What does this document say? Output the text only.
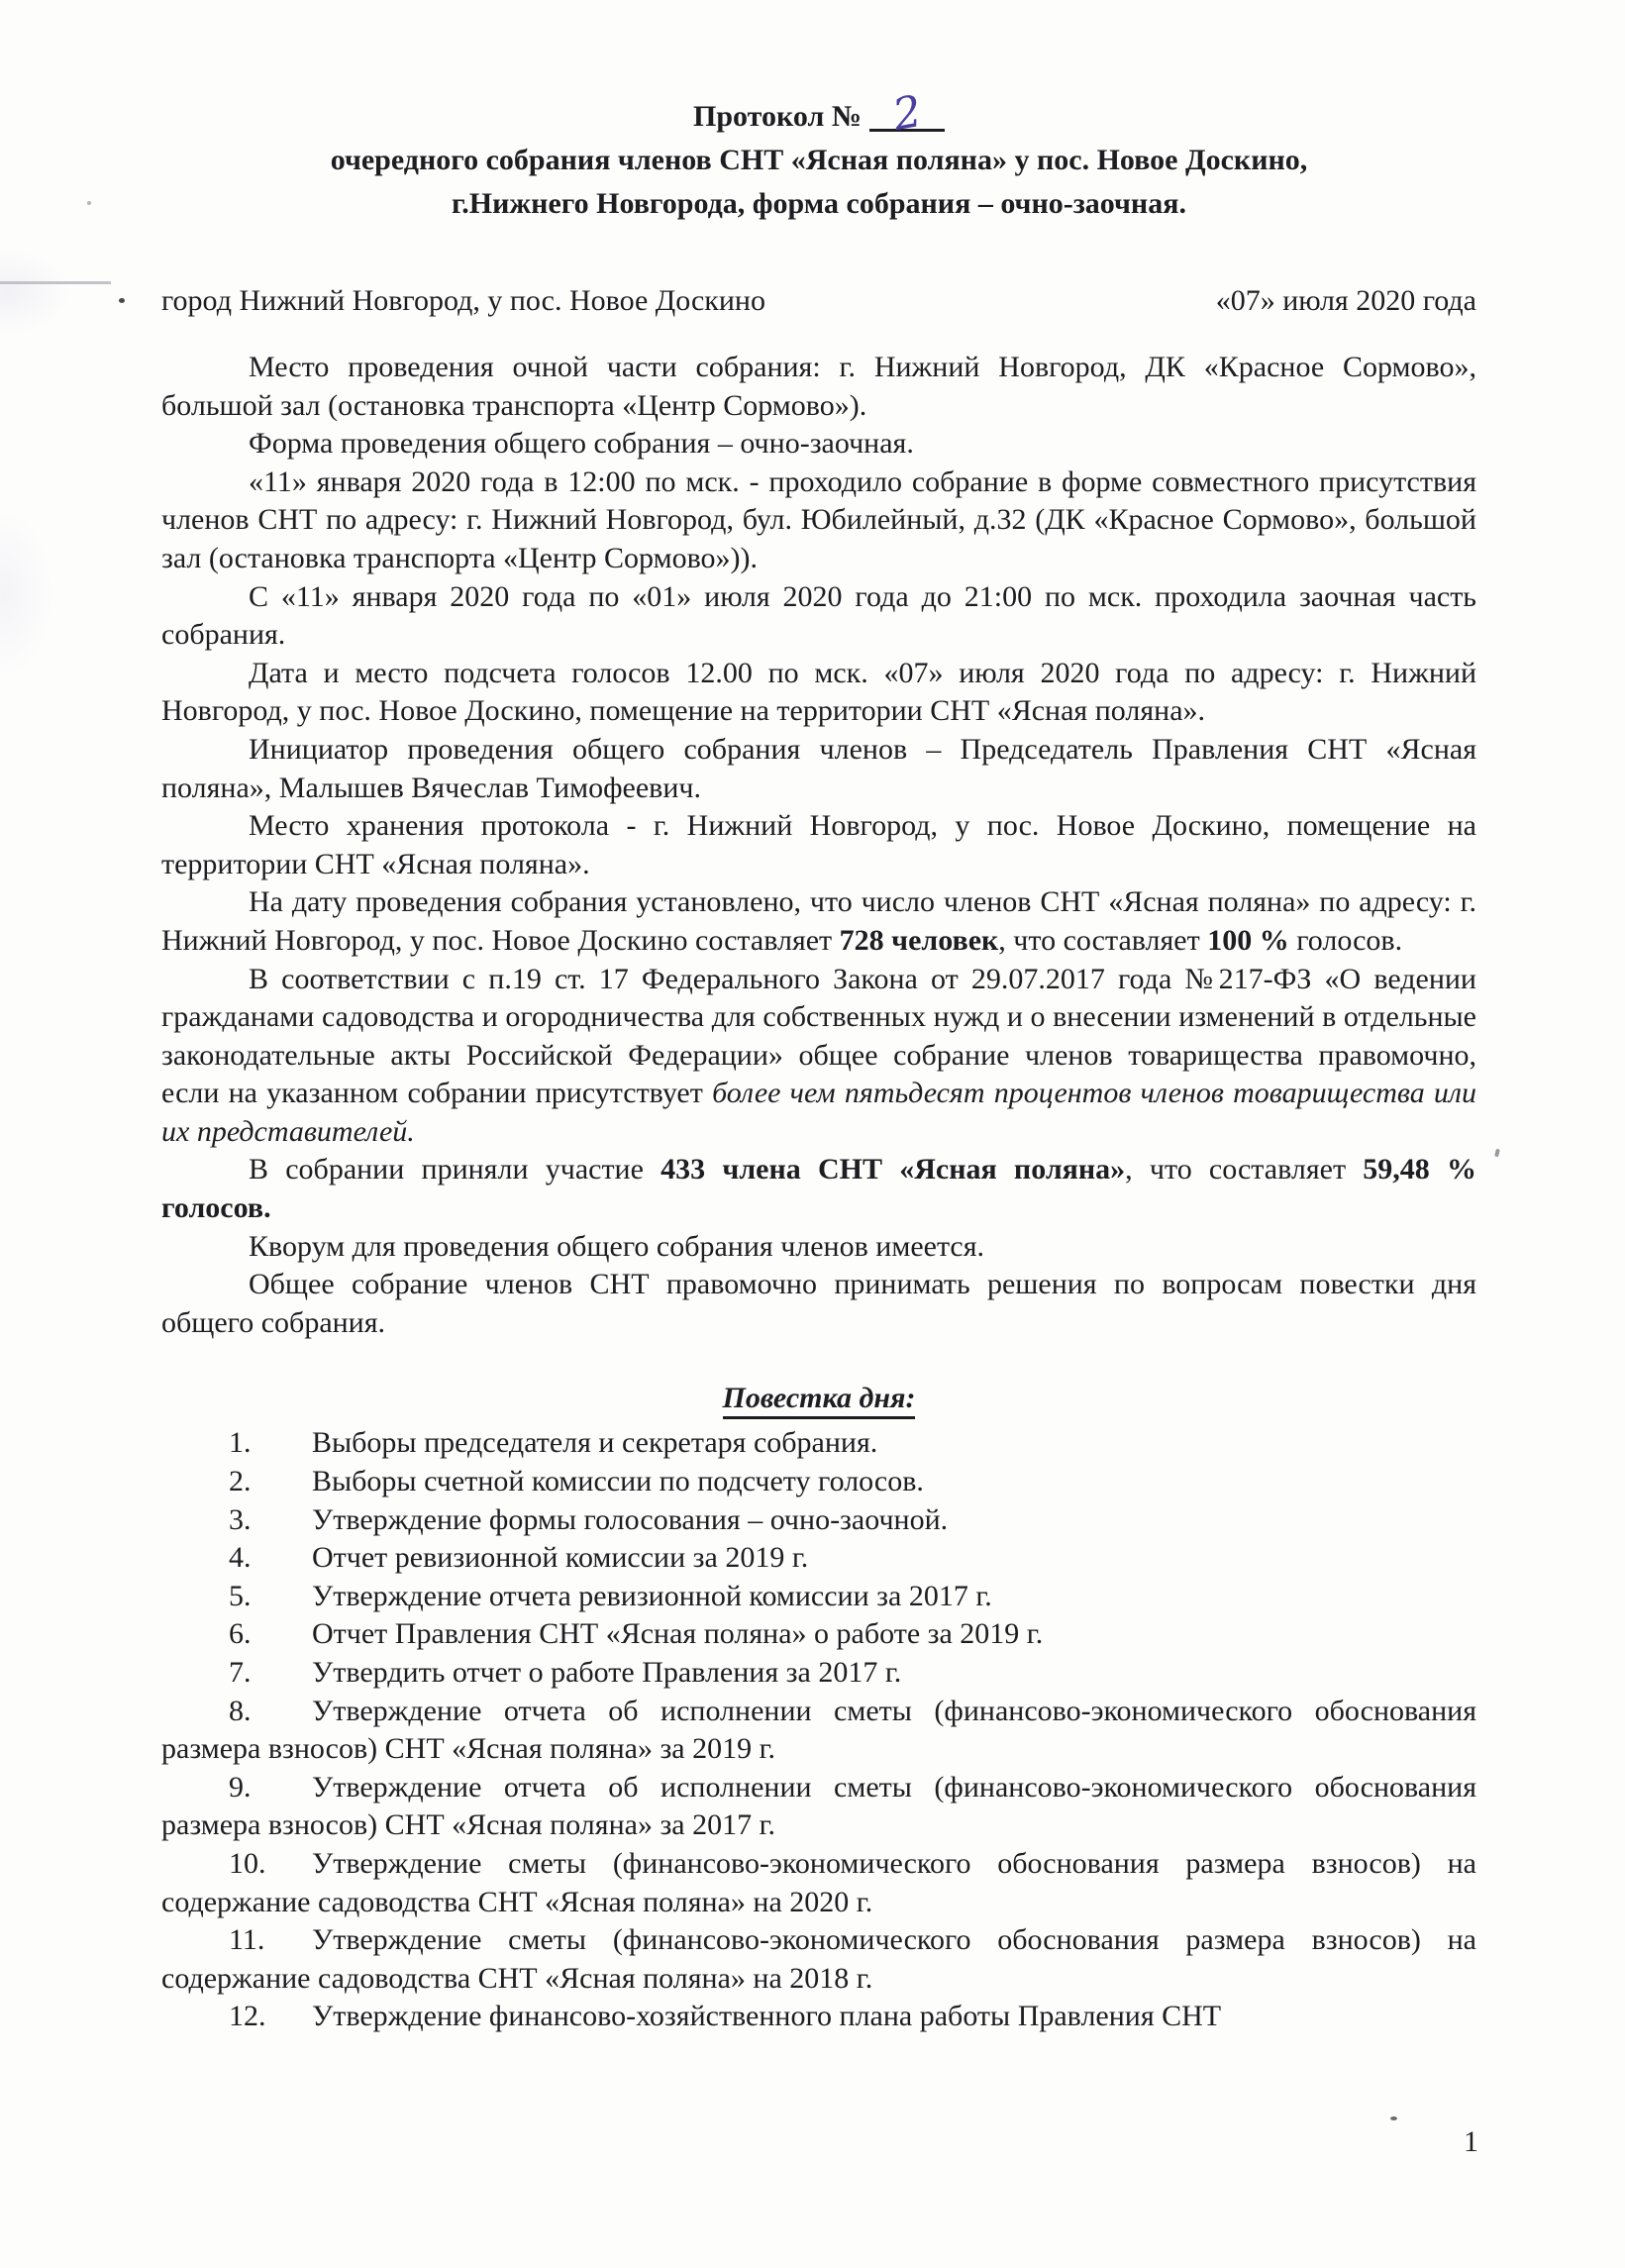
Протокол № 2
очередного собрания членов СНТ «Ясная поляна» у пос. Новое Доскино,
г.Нижнего Новгорода, форма собрания – очно-заочная.
город Нижний Новгород, у пос. Новое Доскино	«07» июля 2020 года

Место проведения очной части собрания: г. Нижний Новгород, ДК «Красное Сормово», большой зал (остановка транспорта «Центр Сормово»).

Форма проведения общего собрания – очно-заочная.

«11» января 2020 года в 12:00 по мск. - проходило собрание в форме совместного присутствия членов СНТ по адресу: г. Нижний Новгород, бул. Юбилейный, д.32 (ДК «Красное Сормово», большой зал (остановка транспорта «Центр Сормово»)).

С «11» января 2020 года по «01» июля 2020 года до 21:00 по мск. проходила заочная часть собрания.

Дата и место подсчета голосов 12.00 по мск. «07» июля 2020 года по адресу: г. Нижний Новгород, у пос. Новое Доскино, помещение на территории СНТ «Ясная поляна».

Инициатор проведения общего собрания членов – Председатель Правления СНТ «Ясная поляна», Малышев Вячеслав Тимофеевич.

Место хранения протокола - г. Нижний Новгород, у пос. Новое Доскино, помещение на территории СНТ «Ясная поляна».

На дату проведения собрания установлено, что число членов СНТ «Ясная поляна» по адресу: г. Нижний Новгород, у пос. Новое Доскино составляет 728 человек, что составляет 100 % голосов.

В соответствии с п.19 ст. 17 Федерального Закона от 29.07.2017 года №217-ФЗ «О ведении гражданами садоводства и огородничества для собственных нужд и о внесении изменений в отдельные законодательные акты Российской Федерации» общее собрание членов товарищества правомочно, если на указанном собрании присутствует более чем пятьдесят процентов членов товарищества или их представителей.

В собрании приняли участие 433 члена СНТ «Ясная поляна», что составляет 59,48 % голосов.

Кворум для проведения общего собрания членов имеется.

Общее собрание членов СНТ правомочно принимать решения по вопросам повестки дня общего собрания.

Повестка дня:

1. Выборы председателя и секретаря собрания.

2. Выборы счетной комиссии по подсчету голосов.

3. Утверждение формы голосования – очно-заочной.

4. Отчет ревизионной комиссии за 2019 г.

5. Утверждение отчета ревизионной комиссии за 2017 г.

6. Отчет Правления СНТ «Ясная поляна» о работе за 2019 г.

7. Утвердить отчет о работе Правления за 2017 г.

8. Утверждение отчета об исполнении сметы (финансово-экономического обоснования размера взносов) СНТ «Ясная поляна» за 2019 г.

9. Утверждение отчета об исполнении сметы (финансово-экономического обоснования размера взносов) СНТ «Ясная поляна» за 2017 г.

10. Утверждение сметы (финансово-экономического обоснования размера взносов) на содержание садоводства СНТ «Ясная поляна» на 2020 г.

11. Утверждение сметы (финансово-экономического обоснования размера взносов) на содержание садоводства СНТ «Ясная поляна» на 2018 г.

12. Утверждение финансово-хозяйственного плана работы Правления СНТ

1
